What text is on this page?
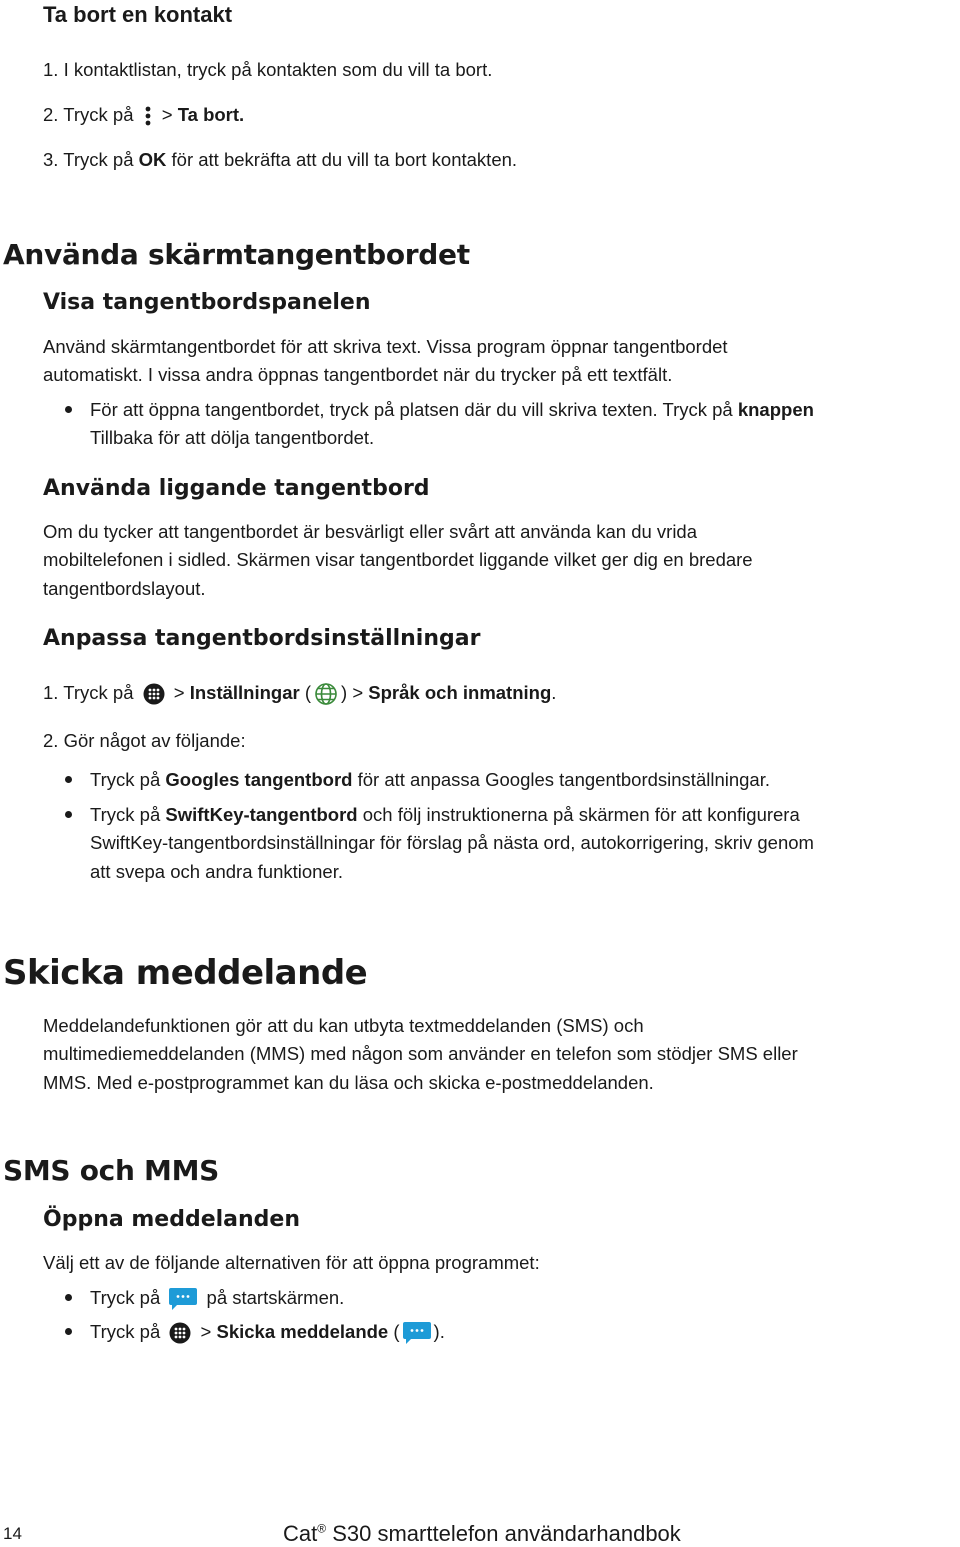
Ta bort en kontakt
1. I kontaktlistan, tryck på kontakten som du vill ta bort.
2. Tryck på > Ta bort.
3. Tryck på OK för att bekräfta att du vill ta bort kontakten.
Använda skärmtangentbordet
Visa tangentbordspanelen
Använd skärmtangentbordet för att skriva text. Vissa program öppnar tangentbordet
automatiskt. I vissa andra öppnas tangentbordet när du trycker på ett textfält.
För att öppna tangentbordet, tryck på platsen där du vill skriva texten. Tryck på knappen
Tillbaka för att dölja tangentbordet.
Använda liggande tangentbord
Om du tycker att tangentbordet är besvärligt eller svårt att använda kan du vrida
mobiltelefonen i sidled. Skärmen visar tangentbordet liggande vilket ger dig en bredare
tangentbordslayout.
Anpassa tangentbordsinställningar
1. Tryck på > Inställningar ( ) > Språk och inmatning.
2. Gör något av följande:
Tryck på Googles tangentbord för att anpassa Googles tangentbordsinställningar.
Tryck på SwiftKey-tangentbord och följ instruktionerna på skärmen för att konfigurera
SwiftKey-tangentbordsinställningar för förslag på nästa ord, autokorrigering, skriv genom
att svepa och andra funktioner.
Skicka meddelande
Meddelandefunktionen gör att du kan utbyta textmeddelanden (SMS) och
multimediemeddelanden (MMS) med någon som använder en telefon som stödjer SMS eller
MMS. Med e-postprogrammet kan du läsa och skicka e-postmeddelanden.
SMS och MMS
Öppna meddelanden
Välj ett av de följande alternativen för att öppna programmet:
Tryck på	på startskärmen.
Tryck på > Skicka meddelande ( ).
14	Cat® S30 smarttelefon användarhandbok
